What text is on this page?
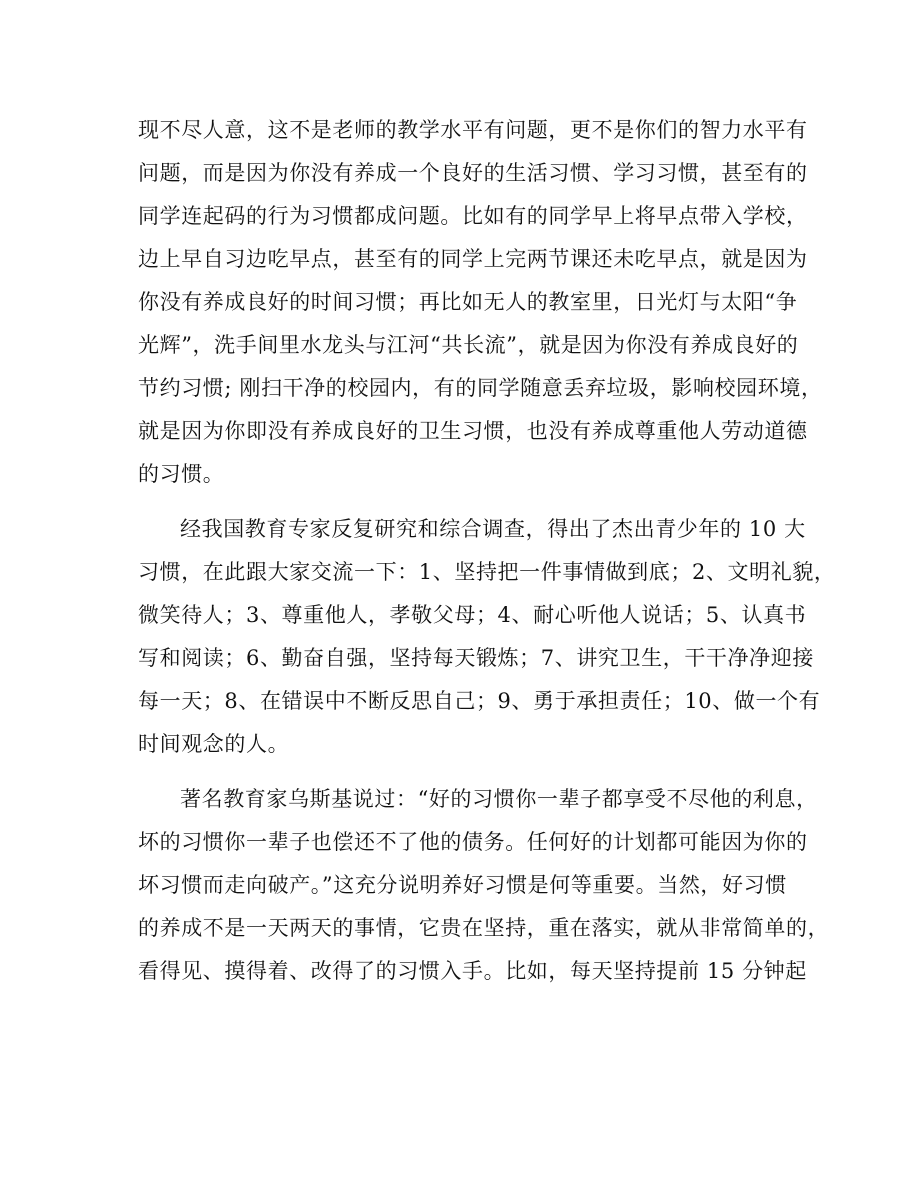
现不尽人意，这不是老师的教学水平有问题，更不是你们的智力水平有
问题，而是因为你没有养成一个良好的生活习惯、学习习惯，甚至有的
同学连起码的行为习惯都成问题。比如有的同学早上将早点带入学校，
边上早自习边吃早点，甚至有的同学上完两节课还未吃早点，就是因为
你没有养成良好的时间习惯；再比如无人的教室里，日光灯与太阳“争
光辉”，洗手间里水龙头与江河“共长流”，就是因为你没有养成良好的
节约习惯; 刚扫干净的校园内，有的同学随意丢弃垃圾，影响校园环境，
就是因为你即没有养成良好的卫生习惯，也没有养成尊重他人劳动道德
的习惯。
经我国教育专家反复研究和综合调查，得出了杰出青少年的 10 大
习惯，在此跟大家交流一下：1、坚持把一件事情做到底；2、文明礼貌，
微笑待人；3、尊重他人，孝敬父母；4、耐心听他人说话；5、认真书
写和阅读；6、勤奋自强，坚持每天锻炼；7、讲究卫生，干干净净迎接
每一天；8、在错误中不断反思自己；9、勇于承担责任；10、做一个有
时间观念的人。
著名教育家乌斯基说过：“好的习惯你一辈子都享受不尽他的利息，
坏的习惯你一辈子也偿还不了他的债务。任何好的计划都可能因为你的
坏习惯而走向破产。”这充分说明养好习惯是何等重要。当然，好习惯
的养成不是一天两天的事情，它贵在坚持，重在落实，就从非常简单的，
看得见、摸得着、改得了的习惯入手。比如，每天坚持提前 15 分钟起
